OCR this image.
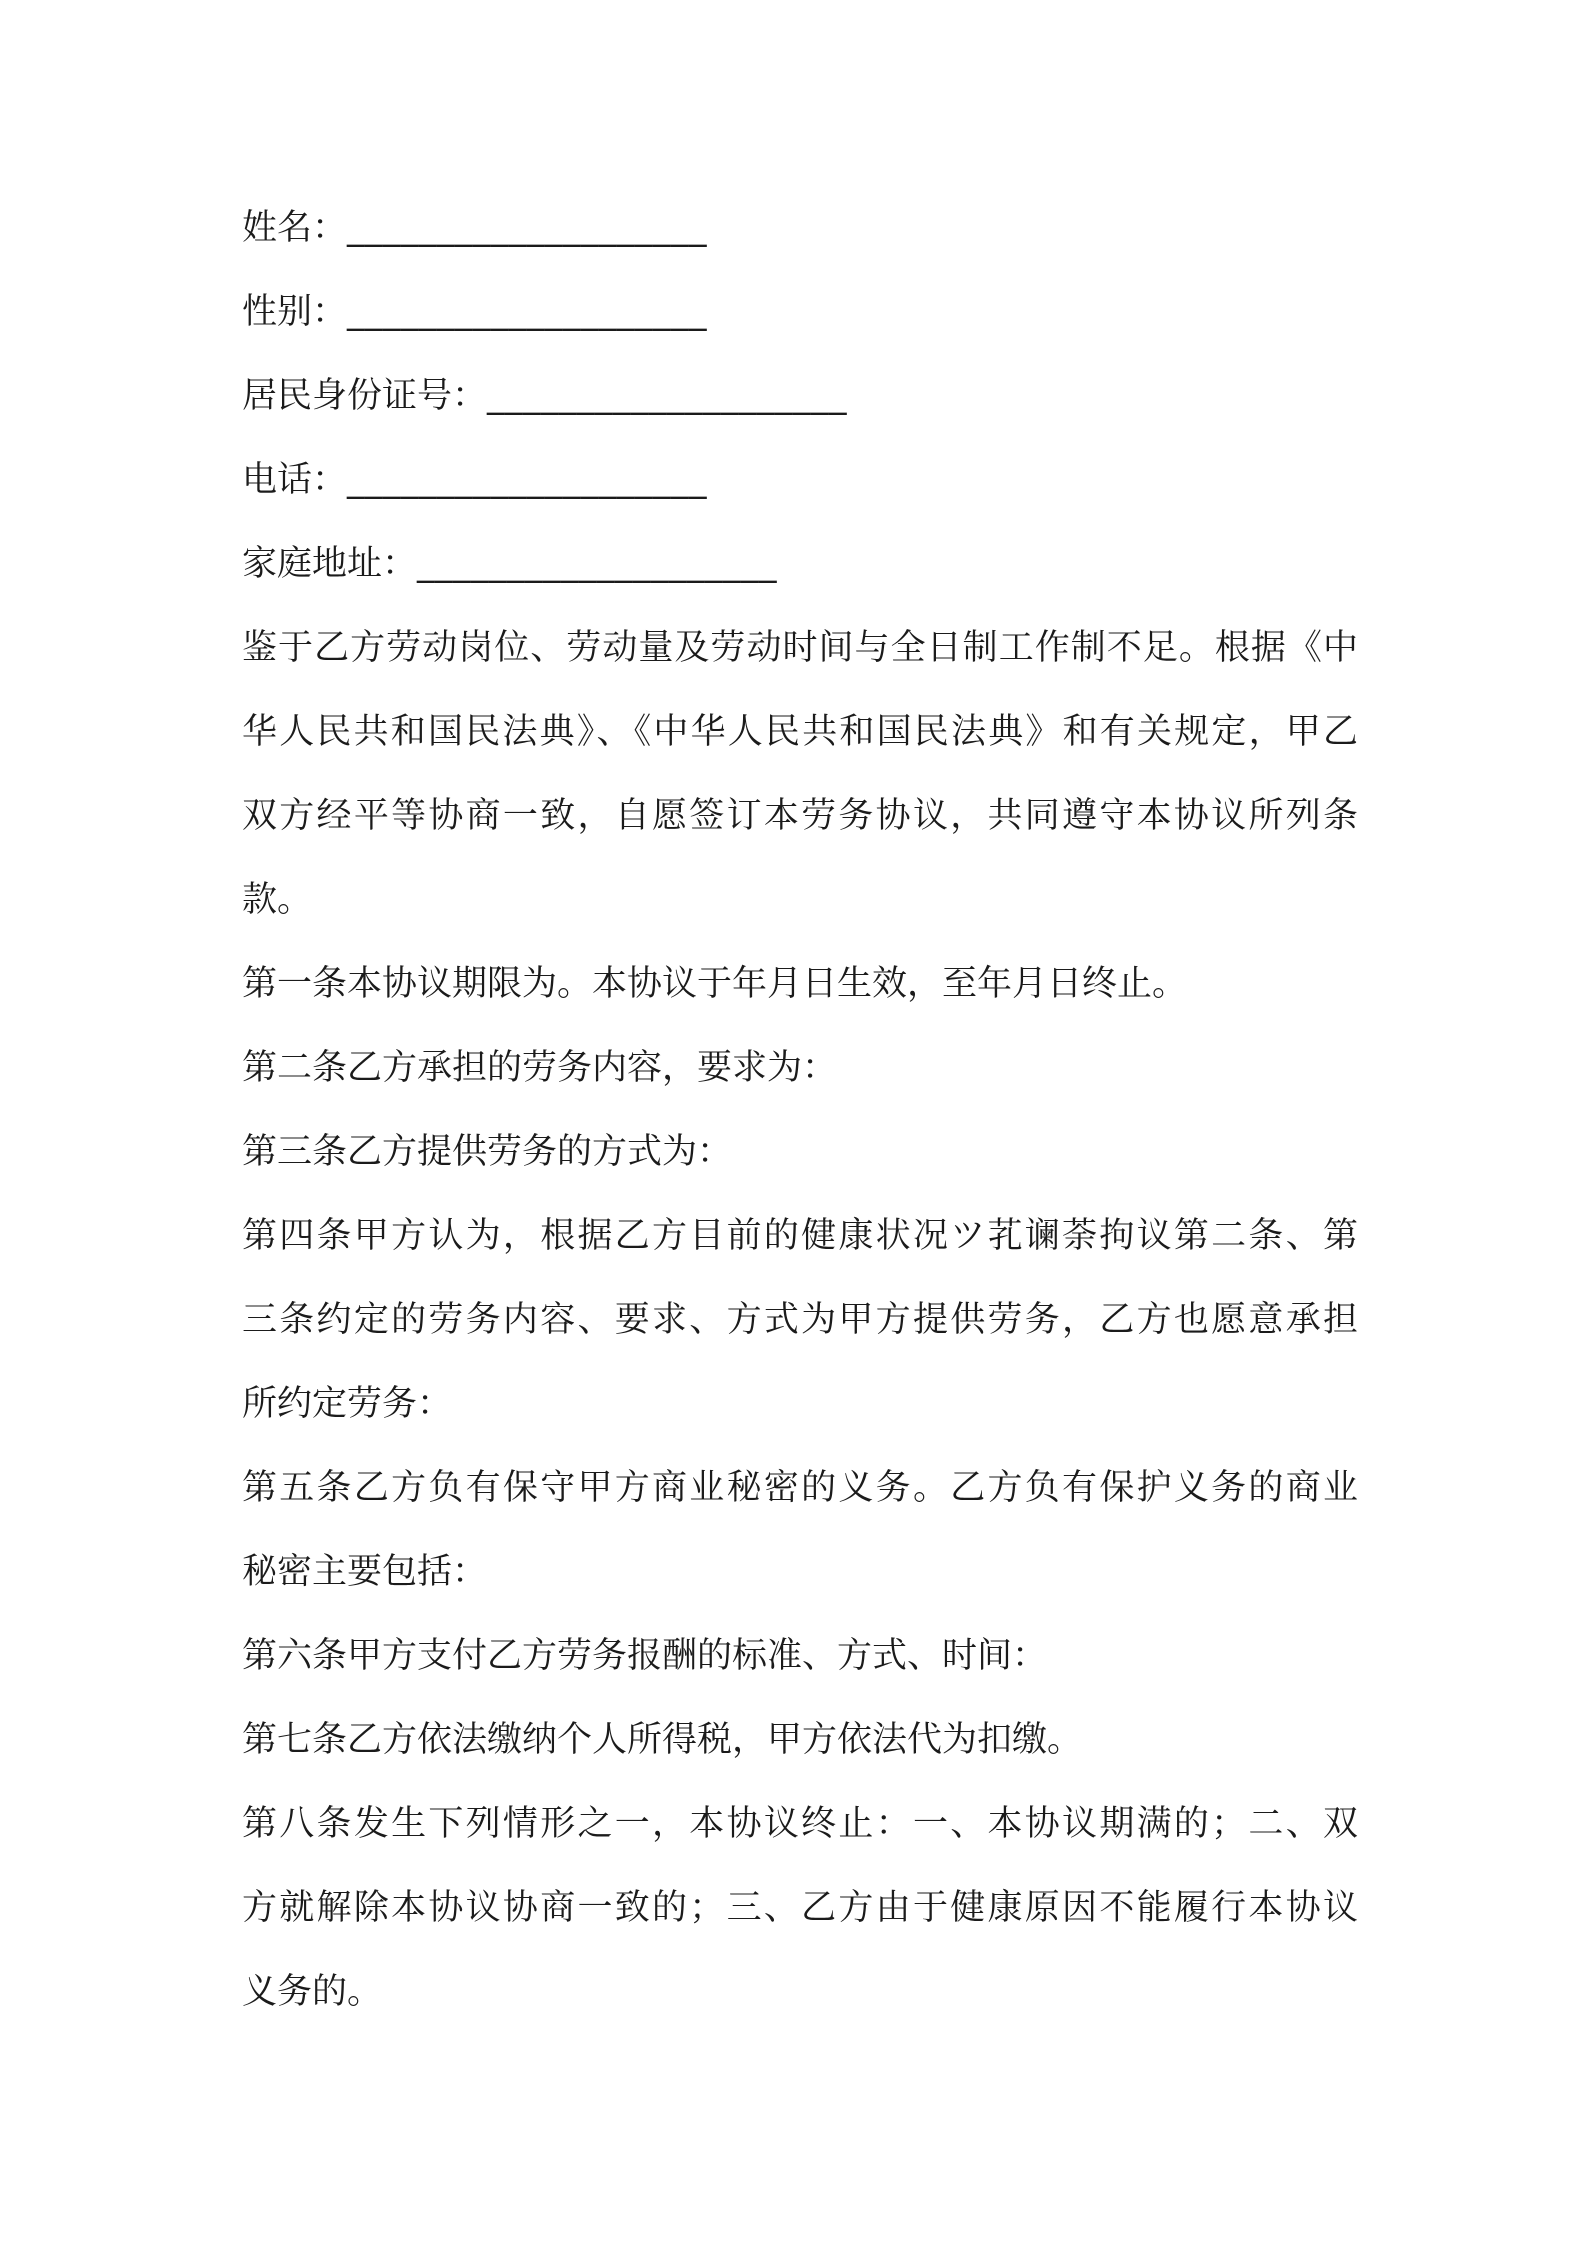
姓名：____________________
性别：____________________
居民身份证号：____________________
电话：____________________
家庭地址：____________________
鉴于乙方劳动岗位、劳动量及劳动时间与全日制工作制不足。根据《中
华人民共和国民法典》、《中华人民共和国民法典》和有关规定，甲乙
双方经平等协商一致，自愿签订本劳务协议，共同遵守本协议所列条
款。
第一条本协议期限为。本协议于年月日生效，至年月日终止。
第二条乙方承担的劳务内容，要求为：
第三条乙方提供劳务的方式为：
第四条甲方认为，根据乙方目前的健康状况ツ芤谰荼拘议第二条、第
三条约定的劳务内容、要求、方式为甲方提供劳务，乙方也愿意承担
所约定劳务：
第五条乙方负有保守甲方商业秘密的义务。乙方负有保护义务的商业
秘密主要包括：
第六条甲方支付乙方劳务报酬的标准、方式、时间：
第七条乙方依法缴纳个人所得税，甲方依法代为扣缴。
第八条发生下列情形之一，本协议终止：一、本协议期满的；二、双
方就解除本协议协商一致的；三、乙方由于健康原因不能履行本协议
义务的。
